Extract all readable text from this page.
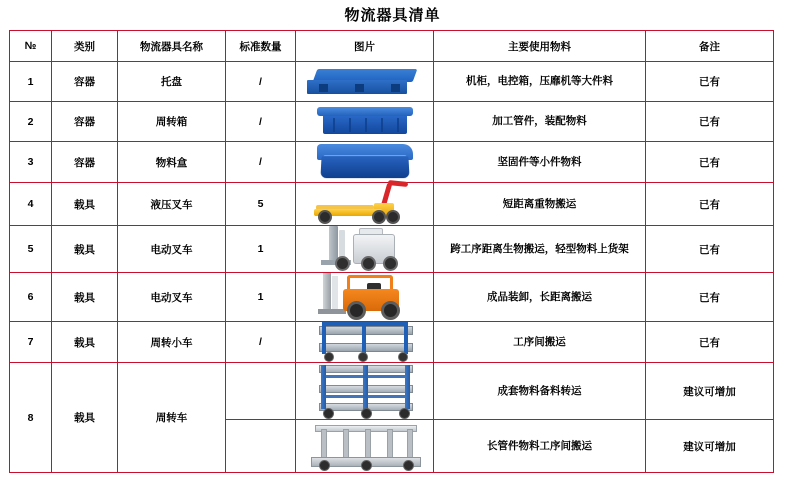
物流器具清单
№	类别	物流器具名称	标准数量	图片	主要使用物料	备注
1	容器	托盘	/		机柜，电控箱，压靡机等大件料	已有
2	容器	周转箱	/		加工管件，装配物料	已有
3	容器	物料盒	/		坚固件等小件物料	已有
4	载具	液压叉车	5		短距离重物搬运	已有
5	载具	电动叉车	1		跨工序距离生物搬运，轻型物料上货架	已有
6	载具	电动叉车	1		成品装卸，长距离搬运	已有
7	载具	周转小车	/		工序间搬运	已有
8	载具	周转车			成套物料备料转运	建议可增加

				长管件物料工序间搬运	建议可增加
